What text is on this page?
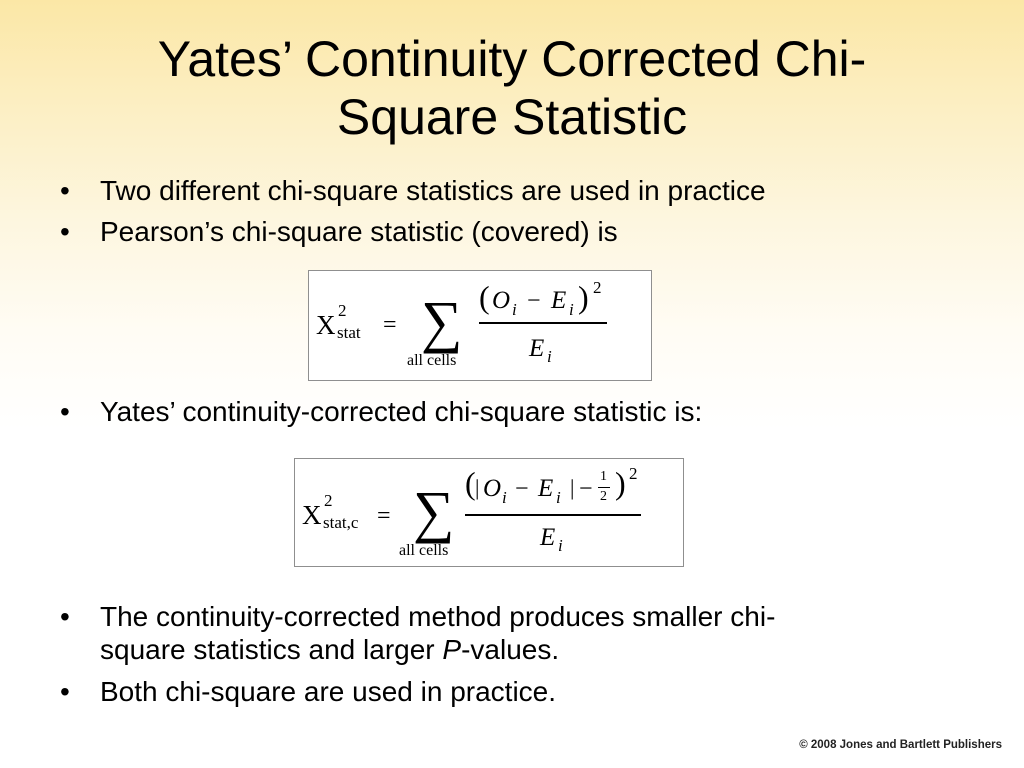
Yates’ Continuity Corrected Chi-
Square Statistic
• Two different chi-square statistics are used in practice
• Pearson’s chi-square statistic (covered) is
• Yates’ continuity-corrected chi-square statistic is:
• The continuity-corrected method produces smaller chi-
square statistics and larger P-values.
• Both chi-square are used in practice.
X 2
stat = ∑
all cells
( O i − E i ) 2
E i
X 2
stat,c = ∑
all cells
( | O i − E i | − 1
2 ) 2
E i
© 2008 Jones and Bartlett Publishers
